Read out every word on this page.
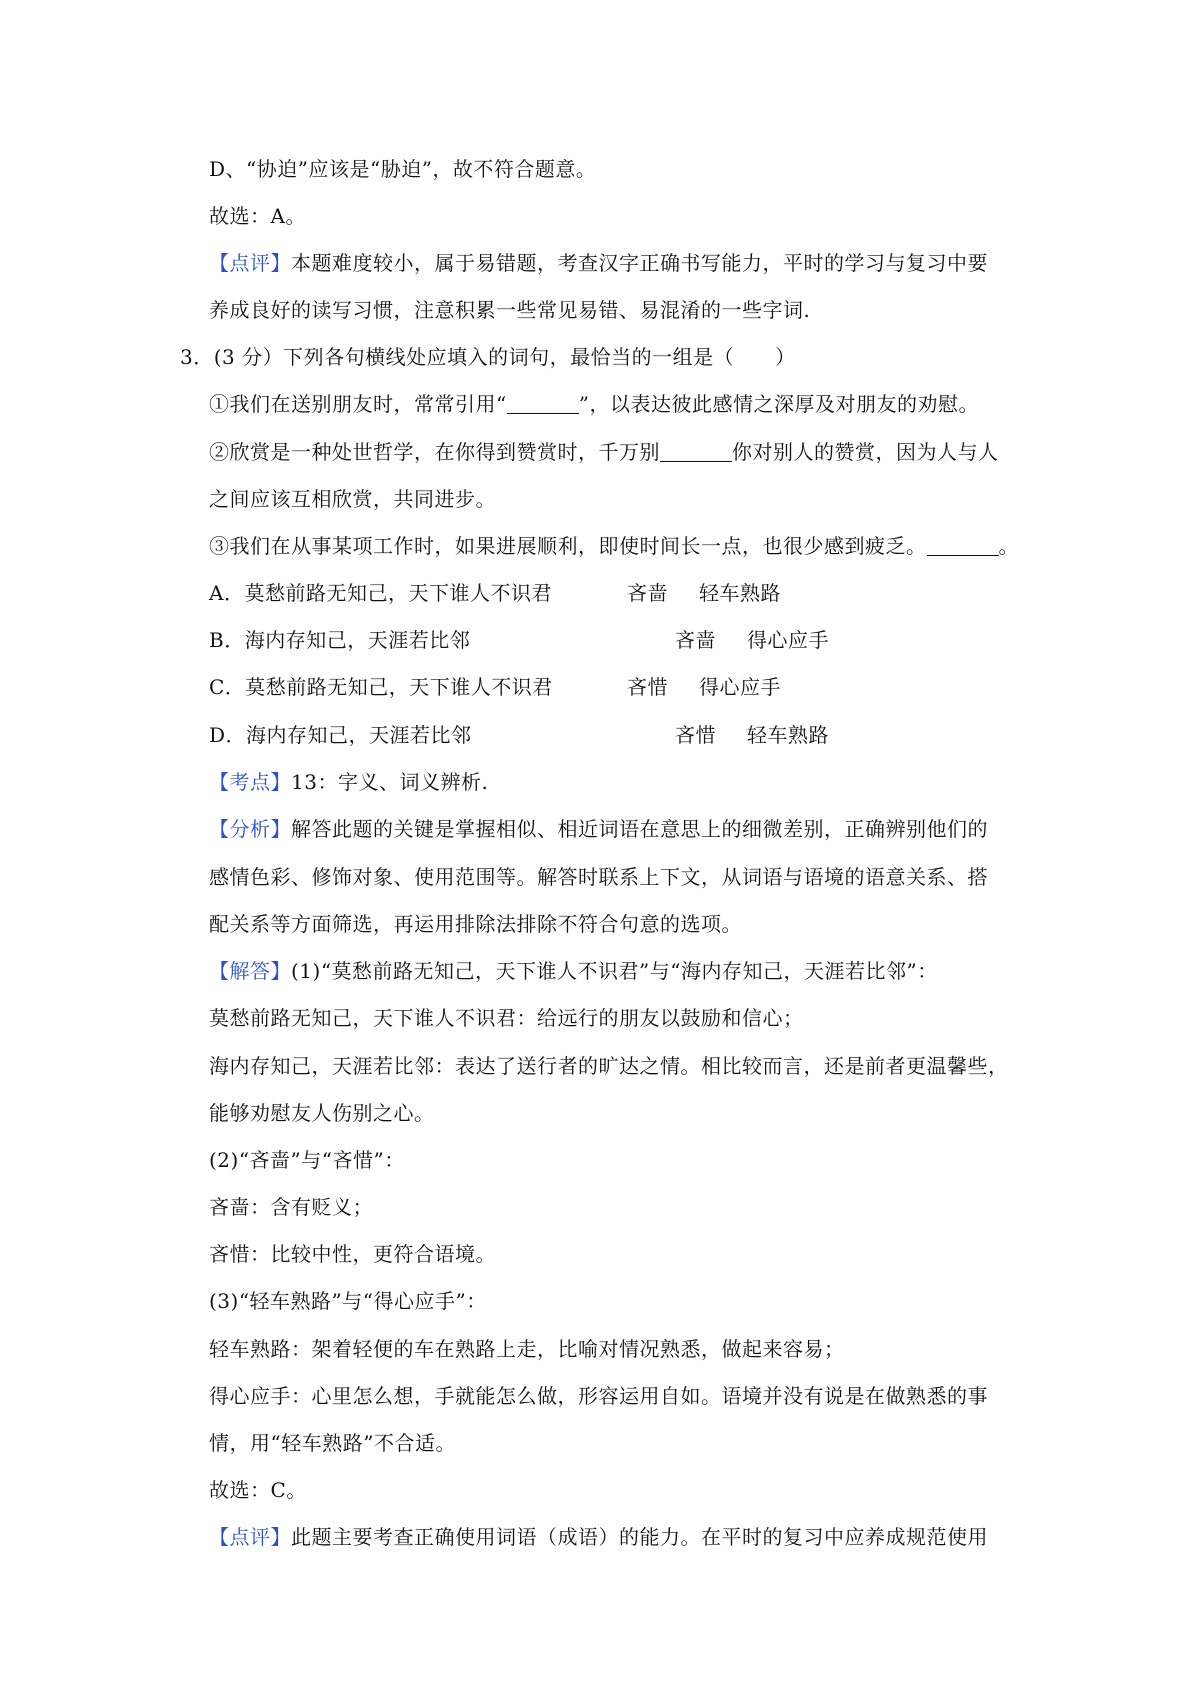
D、“协迫”应该是“胁迫”，故不符合题意。
故选：A。
【点评】本题难度较小，属于易错题，考查汉字正确书写能力，平时的学习与复习中要
养成良好的读写习惯，注意积累一些常见易错、易混淆的一些字词.
3．(3 分）下列各句横线处应填入的词句，最恰当的一组是（　　）
①我们在送别朋友时，常常引用“	”，以表达彼此感情之深厚及对朋友的劝慰。
②欣赏是一种处世哲学，在你得到赞赏时，千万别	你对别人的赞赏，因为人与人
之间应该互相欣赏，共同进步。
③我们在从事某项工作时，如果进展顺利，即使时间长一点，也很少感到疲乏。	。
A．莫愁前路无知己，天下谁人不识君	吝啬 轻车熟路
B．海内存知己，天涯若比邻	吝啬 得心应手
C．莫愁前路无知己，天下谁人不识君	吝惜 得心应手
D．海内存知己，天涯若比邻	吝惜 轻车熟路
【考点】13：字义、词义辨析.
【分析】解答此题的关键是掌握相似、相近词语在意思上的细微差别，正确辨别他们的
感情色彩、修饰对象、使用范围等。解答时联系上下文，从词语与语境的语意关系、搭
配关系等方面筛选，再运用排除法排除不符合句意的选项。
【解答】(1)“莫愁前路无知己，天下谁人不识君”与“海内存知己，天涯若比邻”：
莫愁前路无知己，天下谁人不识君：给远行的朋友以鼓励和信心；
海内存知己，天涯若比邻：表达了送行者的旷达之情。相比较而言，还是前者更温馨些，
能够劝慰友人伤别之心。
(2)“吝啬”与“吝惜”：
吝啬：含有贬义；
吝惜：比较中性，更符合语境。
(3)“轻车熟路”与“得心应手”：
轻车熟路：架着轻便的车在熟路上走，比喻对情况熟悉，做起来容易；
得心应手：心里怎么想，手就能怎么做，形容运用自如。语境并没有说是在做熟悉的事
情，用“轻车熟路”不合适。
故选：C。
【点评】此题主要考查正确使用词语（成语）的能力。在平时的复习中应养成规范使用
